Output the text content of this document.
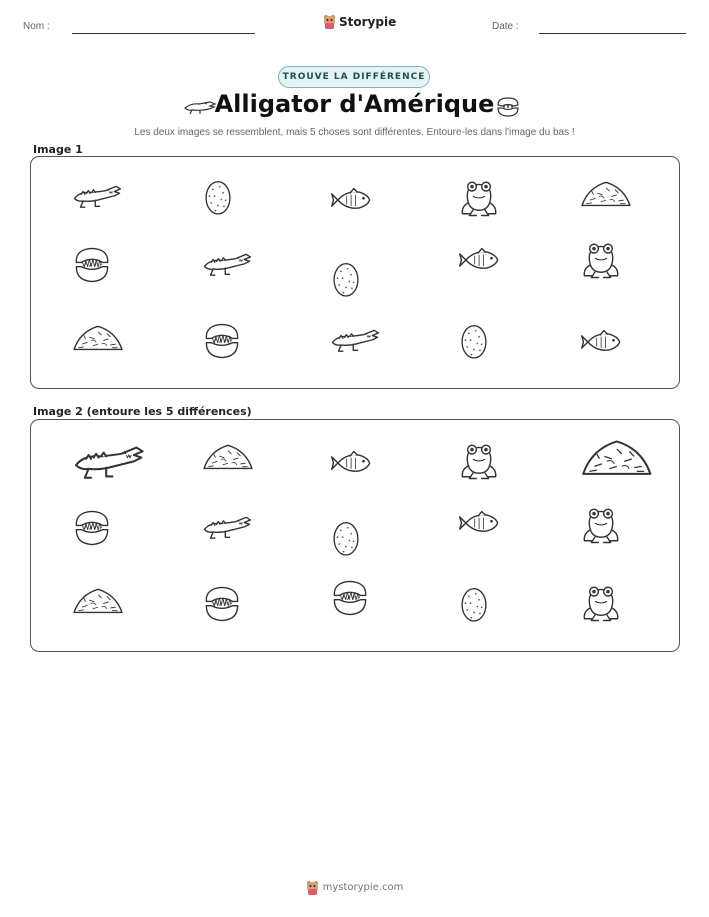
Nom :	Storypie	Date :
TROUVE LA DIFFÉRENCE
Alligator d'Amérique
Les deux images se ressemblent, mais 5 choses sont différentes. Entoure-les dans l'image du bas !
Image 1
Image 2 (entoure les 5 différences)
mystorypie.com
